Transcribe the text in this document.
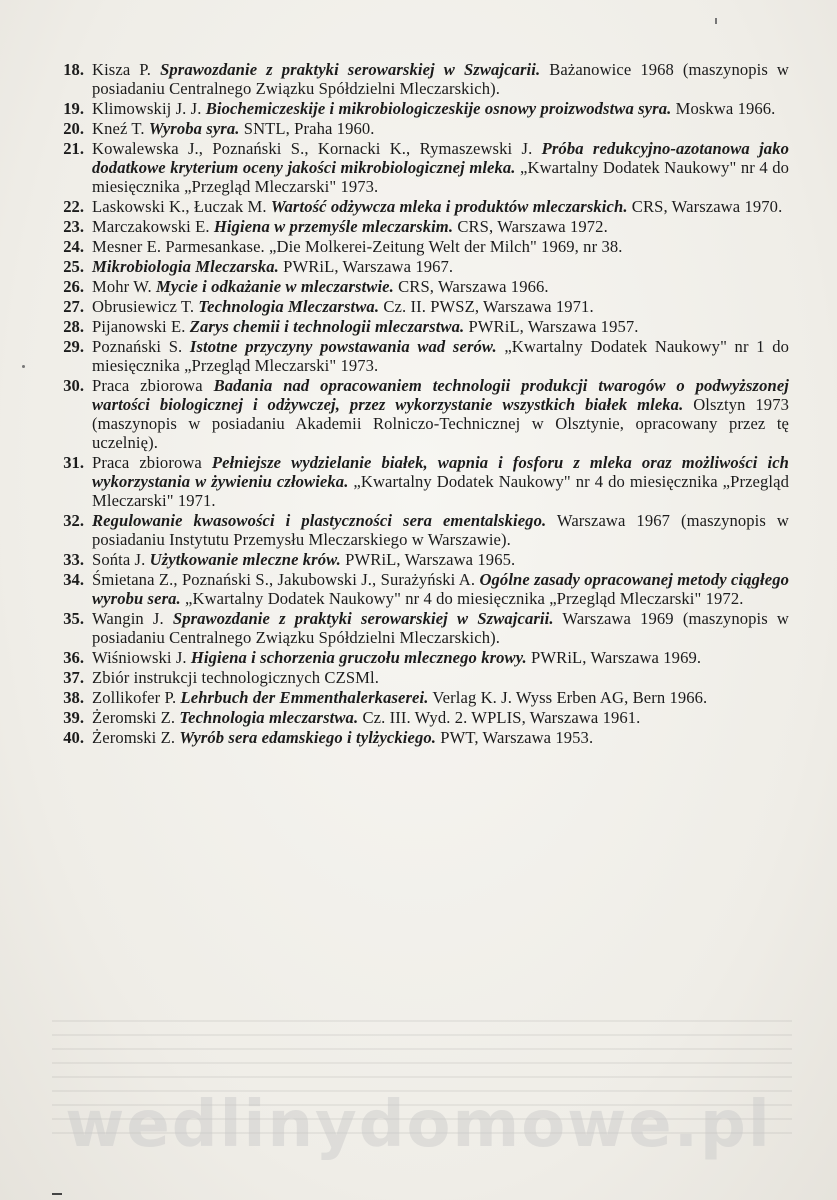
18. Kisza P. Sprawozdanie z praktyki serowarskiej w Szwajcarii. Bażanowice 1968 (maszynopis w posiadaniu Centralnego Związku Spółdzielni Mleczarskich).
19. Klimowskij J. J. Biochemiczeskije i mikrobiologiczeskije osnowy proizwodstwa syra. Moskwa 1966.
20. Kneź T. Wyroba syra. SNTL, Praha 1960.
21. Kowalewska J., Poznański S., Kornacki K., Rymaszewski J. Próba redukcyjno-azotanowa jako dodatkowe kryterium oceny jakości mikrobiologicznej mleka. „Kwartalny Dodatek Naukowy" nr 4 do miesięcznika „Przegląd Mleczarski" 1973.
22. Laskowski K., Łuczak M. Wartość odżywcza mleka i produktów mleczarskich. CRS, Warszawa 1970.
23. Marczakowski E. Higiena w przemyśle mleczarskim. CRS, Warszawa 1972.
24. Mesner E. Parmesankase. „Die Molkerei-Zeitung Welt der Milch" 1969, nr 38.
25. Mikrobiologia Mleczarska. PWRiL, Warszawa 1967.
26. Mohr W. Mycie i odkażanie w mleczarstwie. CRS, Warszawa 1966.
27. Obrusiewicz T. Technologia Mleczarstwa. Cz. II. PWSZ, Warszawa 1971.
28. Pijanowski E. Zarys chemii i technologii mleczarstwa. PWRiL, Warszawa 1957.
29. Poznański S. Istotne przyczyny powstawania wad serów. „Kwartalny Dodatek Naukowy" nr 1 do miesięcznika „Przegląd Mleczarski" 1973.
30. Praca zbiorowa Badania nad opracowaniem technologii produkcji twarogów o podwyższonej wartości biologicznej i odżywczej, przez wykorzystanie wszystkich białek mleka. Olsztyn 1973 (maszynopis w posiadaniu Akademii Rolniczo-Technicznej w Olsztynie, opracowany przez tę uczelnię).
31. Praca zbiorowa Pełniejsze wydzielanie białek, wapnia i fosforu z mleka oraz możliwości ich wykorzystania w żywieniu człowieka. „Kwartalny Dodatek Naukowy" nr 4 do miesięcznika „Przegląd Mleczarski" 1971.
32. Regulowanie kwasowości i plastyczności sera ementalskiego. Warszawa 1967 (maszynopis w posiadaniu Instytutu Przemysłu Mleczarskiego w Warszawie).
33. Sońta J. Użytkowanie mleczne krów. PWRiL, Warszawa 1965.
34. Śmietana Z., Poznański S., Jakubowski J., Surażyński A. Ogólne zasady opracowanej metody ciągłego wyrobu sera. „Kwartalny Dodatek Naukowy" nr 4 do miesięcznika „Przegląd Mleczarski" 1972.
35. Wangin J. Sprawozdanie z praktyki serowarskiej w Szwajcarii. Warszawa 1969 (maszynopis w posiadaniu Centralnego Związku Spółdzielni Mleczarskich).
36. Wiśniowski J. Higiena i schorzenia gruczołu mlecznego krowy. PWRiL, Warszawa 1969.
37. Zbiór instrukcji technologicznych CZSMl.
38. Zollikofer P. Lehrbuch der Emmenthalerkaserei. Verlag K. J. Wyss Erben AG, Bern 1966.
39. Żeromski Z. Technologia mleczarstwa. Cz. III. Wyd. 2. WPLIS, Warszawa 1961.
40. Żeromski Z. Wyrób sera edamskiego i tylżyckiego. PWT, Warszawa 1953.
wedlinydomowe.pl
